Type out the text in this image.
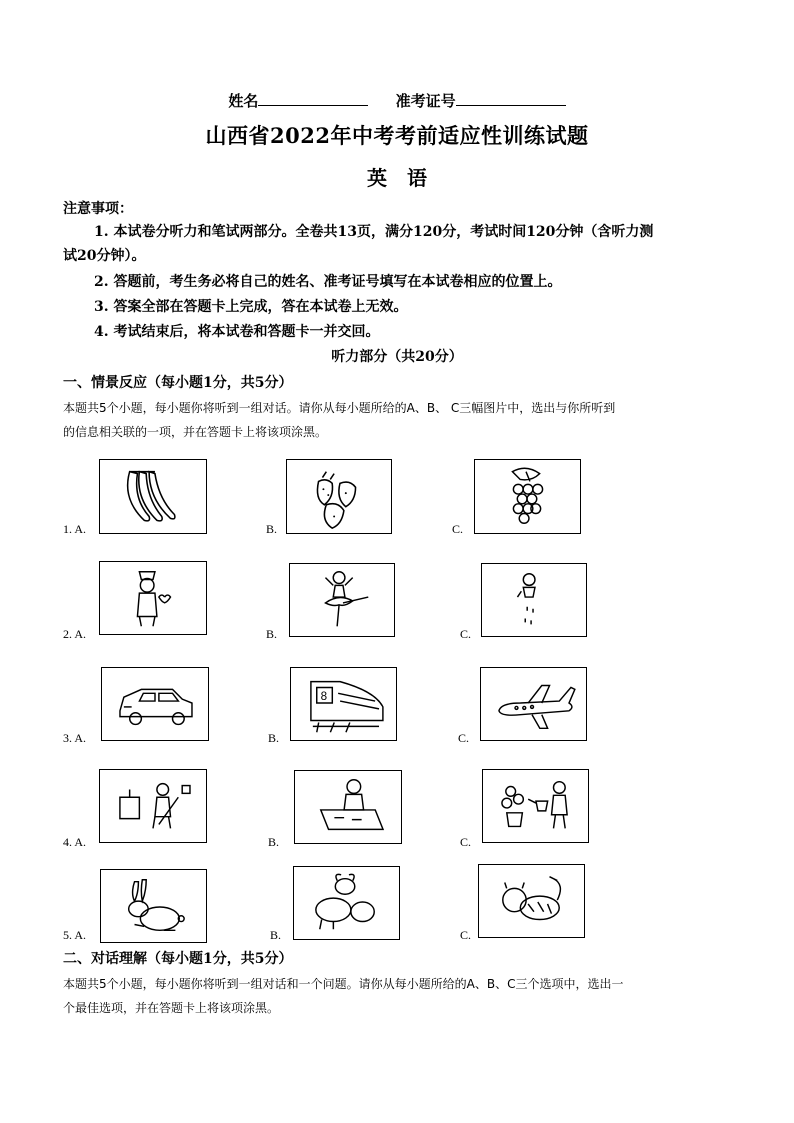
姓名	准考证号
山西省2022年中考考前适应性训练试题
英　语
注意事项：
1. 本试卷分听力和笔试两部分。全卷共13页，满分120分，考试时间120分钟（含听力测
试20分钟）。
2. 答题前，考生务必将自己的姓名、准考证号填写在本试卷相应的位置上。
3. 答案全部在答题卡上完成，答在本试卷上无效。
4. 考试结束后，将本试卷和答题卡一并交回。
听力部分（共20分）
一、情景反应（每小题1分，共5分）
本题共5个小题，每小题你将听到一组对话。请你从每小题所给的A、B、 C三幅图片中，选出与你所听到
的信息相关联的一项，并在答题卡上将该项涂黑。
1. A.	B.	C.
2. A.	B.	C.
3. A.	B.
8
C.
4. A.	B.	C.
5. A.	B.	C.
二、对话理解（每小题1分，共5分）
本题共5个小题，每小题你将听到一组对话和一个问题。请你从每小题所给的A、B、C三个选项中，选出一
个最佳选项，并在答题卡上将该项涂黑。
